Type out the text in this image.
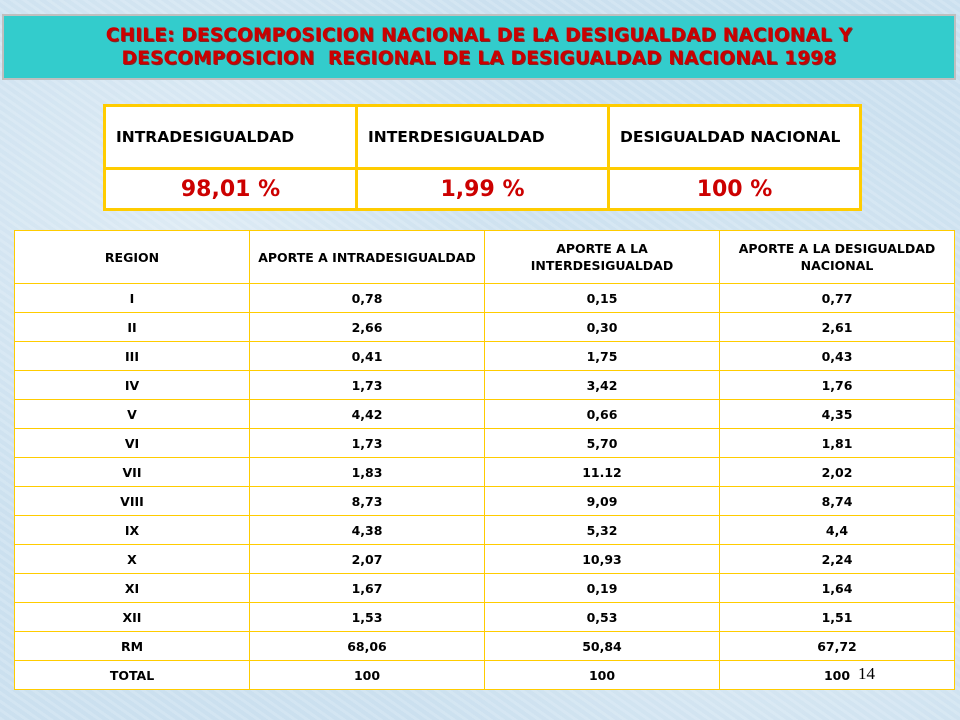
CHILE: DESCOMPOSICION NACIONAL DE LA DESIGUALDAD NACIONAL Y
DESCOMPOSICION  REGIONAL DE LA DESIGUALDAD NACIONAL 1998
INTRADESIGUALDAD	INTERDESIGUALDAD	DESIGUALDAD NACIONAL
98,01 %	1,99 %	100 %
REGION	APORTE A INTRADESIGUALDAD	APORTE A LA INTERDESIGUALDAD	APORTE A LA DESIGUALDAD NACIONAL
I	0,78	0,15	0,77
II	2,66	0,30	2,61
III	0,41	1,75	0,43
IV	1,73	3,42	1,76
V	4,42	0,66	4,35
VI	1,73	5,70	1,81
VII	1,83	11.12	2,02
VIII	8,73	9,09	8,74
IX	4,38	5,32	4,4
X	2,07	10,93	2,24
XI	1,67	0,19	1,64
XII	1,53	0,53	1,51
RM	68,06	50,84	67,72
TOTAL	100	100	100 14
